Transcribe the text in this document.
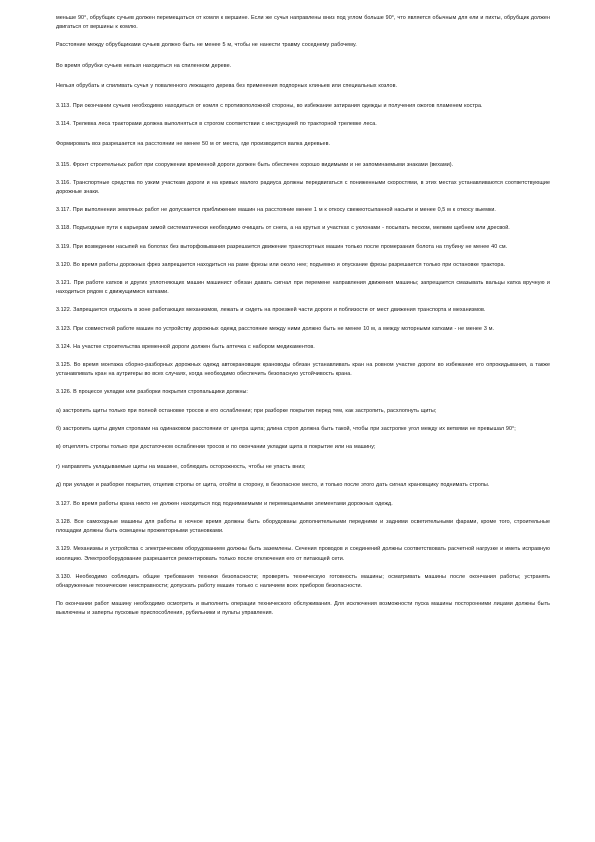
меньше 90°, обрубщик сучьев должен перемещаться от комля к вершине. Если же сучья направлены вниз под углом больше 90°, что является обычным для ели и пихты, обрубщик должен двигаться от вершины к комлю.

Расстояние между обрубщиками сучьев должно быть не менее 5 м, чтобы не нанести травму соседнему рабочему.

Во время обрубки сучьев нельзя находиться на спиленном дереве.

Нельзя обрубать и спиливать сучья у поваленного лежащего дерева без применения подпорных клиньев или специальных козлов.

3.113. При окончании сучьев необходимо находиться от комля с противоположной стороны, во избежание затирания одежды и получения ожогов пламенем костра.

3.114. Трелевка леса тракторами должна выполняться в строгом соответствии с инструкцией по тракторной трелевке леса.

Формировать воз разрешается на расстоянии не менее 50 м от места, где производится валка деревьев.

3.115. Фронт строительных работ при сооружении временной дороги должен быть обеспечен хорошо видимыми и не запоминаемыми знаками (вехами).

3.116. Транспортные средства по узким участкам дороги и на кривых малого радиуса должны передвигаться с пониженными скоростями, в этих местах устанавливаются соответствующие дорожные знаки.

3.117. При выполнении земляных работ не допускается приближение машин на расстояние менее 1 м к откосу свежеотсыпанной насыпи и менее 0,5 м к откосу выемки.

3.118. Подъездные пути к карьерам зимой систематически необходимо очищать от снега, а на крутых и участках с уклонами - посыпать песком, мелким щебнем или дресвой.

3.119. При возведении насыпей на болотах без выторфовывания разрешается движение транспортных машин только после промерзания болота на глубину не менее 40 см.

3.120. Во время работы дорожных фрез запрещается находиться на раме фрезы или около нее; подъемно и опускание фрезы разрешается только при остановке трактора.

3.121. При работе катков и других уплотняющих машин машинист обязан давать сигнал при перемене направления движения машины; запрещается смазывать вальцы катка вручную и находиться рядом с движущимися катками.

3.122. Запрещается отдыхать в зоне работающих механизмов, лежать и сидеть на проезжей части дороги и поблизости от мест движения транспорта и механизмов.

3.123. При совместной работе машин по устройству дорожных одежд расстояние между ними должно быть не менее 10 м, а между моторными катками - не менее 3 м.

3.124. На участке строительства временной дороги должен быть аптечка с набором медикаментов.

3.125. Во время монтажа сборно-разборных дорожных одежд автокрановщик крановоды обязан устанавливать кран на ровном участке дороги во избежание его опрокидывания, а также устанавливать кран на аутригеры во всех случаях, когда необходимо обеспечить безопасную устойчивость крана.

3.126. В процессе укладки или разборки покрытия стропальщики должны:

а) застропить щиты только при полной остановке тросов и его ослаблении; при разборке покрытия перед тем, как застропить, расхлопнуть щиты;

б) застропить щиты двумя стропами на одинаковом расстоянии от центра щита; длина строп должна быть такой, чтобы при застропке угол между их ветвями не превышал 90°;

в) отцеплять стропы только при достаточном ослаблении тросов и по окончании укладки щита в покрытие или на машину;

г) направлять укладываемые щиты на машине, соблюдать осторожность, чтобы не упасть вниз;

д) при укладке и разборке покрытия, отцепив стропы от щита, отойти в сторону, в безопасное место, и только после этого дать сигнал крановщику поднимать стропы.

3.127. Во время работы крана никто не должен находиться под поднимаемыми и перемещаемыми элементами дорожных одежд.

3.128. Все самоходные машины для работы в ночное время должны быть оборудованы дополнительными передними и задними осветительными фарами, кроме того, строительные площадки должны быть освещены прожекторными установками.

3.129. Механизмы и устройства с электрическим оборудованием должны быть заземлены. Сечения проводов и соединений должны соответствовать расчетной нагрузке и иметь исправную изоляцию. Электрооборудование разрешается ремонтировать только после отключения его от питающей сети.

3.130. Необходимо соблюдать общие требования техники безопасности; проверять техническую готовность машины; осматривать машины после окончания работы; устранять обнаруженные технические неисправности; допускать работу машин только с наличием всех приборов безопасности.

По окончании работ машину необходимо осмотреть и выполнить операции технического обслуживания. Для исключения возможности пуска машины посторонними лицами должны быть выключены и заперты пусковые приспособления, рубильники и пульты управления.
